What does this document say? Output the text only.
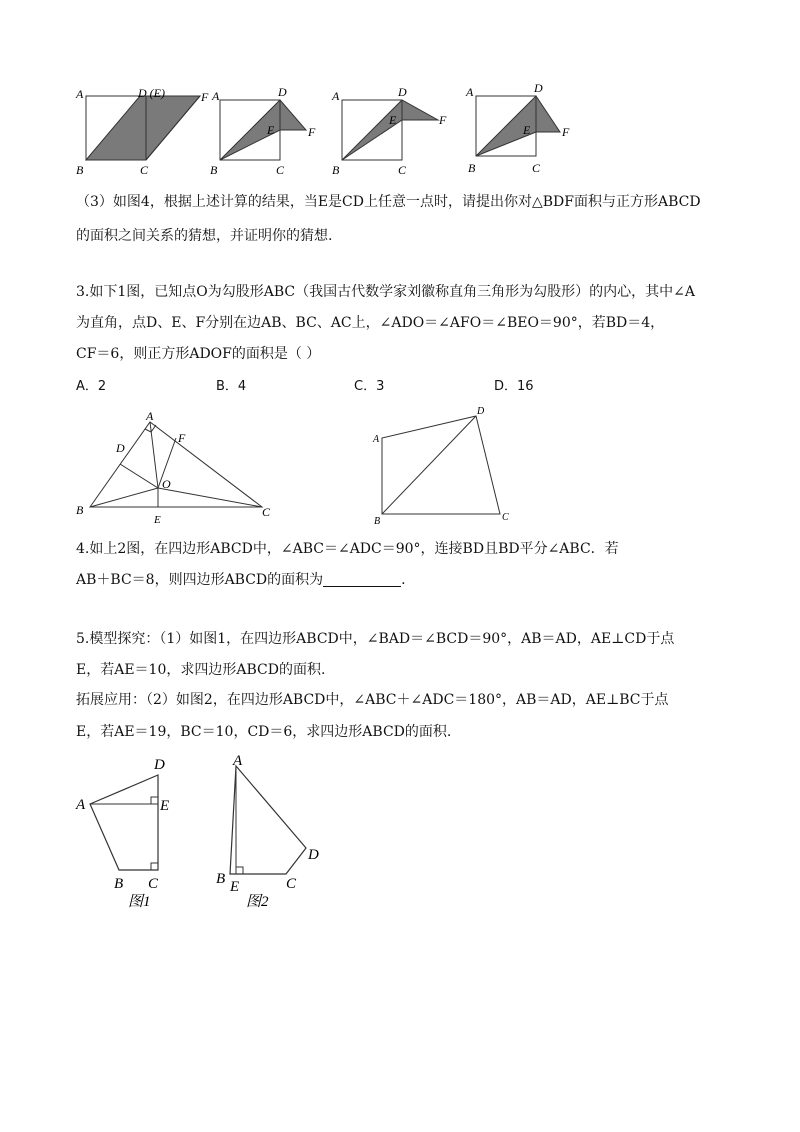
A	D (E)	F
B	C
A	D
E	F
B	C
A	D
E	F
B	C
A	D
E	F
B	C
（3）如图4，根据上述计算的结果，当E是CD上任意一点时，请提出你对△BDF面积与正方形ABCD
的面积之间关系的猜想，并证明你的猜想.
3.如下1图，已知点O为勾股形ABC（我国古代数学家刘徽称直角三角形为勾股形）的内心，其中∠A
为直角，点D、E、F分别在边AB、BC、AC上，∠ADO＝∠AFO＝∠BEO＝90°，若BD＝4，
CF＝6，则正方形ADOF的面积是（ ）
A．2	B．4	C．3	D．16
A
D
F
O
B
E
C
D
A
B	C
4.如上2图，在四边形ABCD中，∠ABC＝∠ADC＝90°，连接BD且BD平分∠ABC．若
AB＋BC＝8，则四边形ABCD的面积为	.
5.模型探究：（1）如图1，在四边形ABCD中，∠BAD＝∠BCD＝90°，AB＝AD，AE⊥CD于点
E，若AE＝10，求四边形ABCD的面积.
拓展应用：（2）如图2，在四边形ABCD中，∠ABC＋∠ADC＝180°，AB＝AD，AE⊥BC于点
E，若AE＝19，BC＝10，CD＝6，求四边形ABCD的面积.
D
A	E
B C
图1
A
D
B E	C
图2
